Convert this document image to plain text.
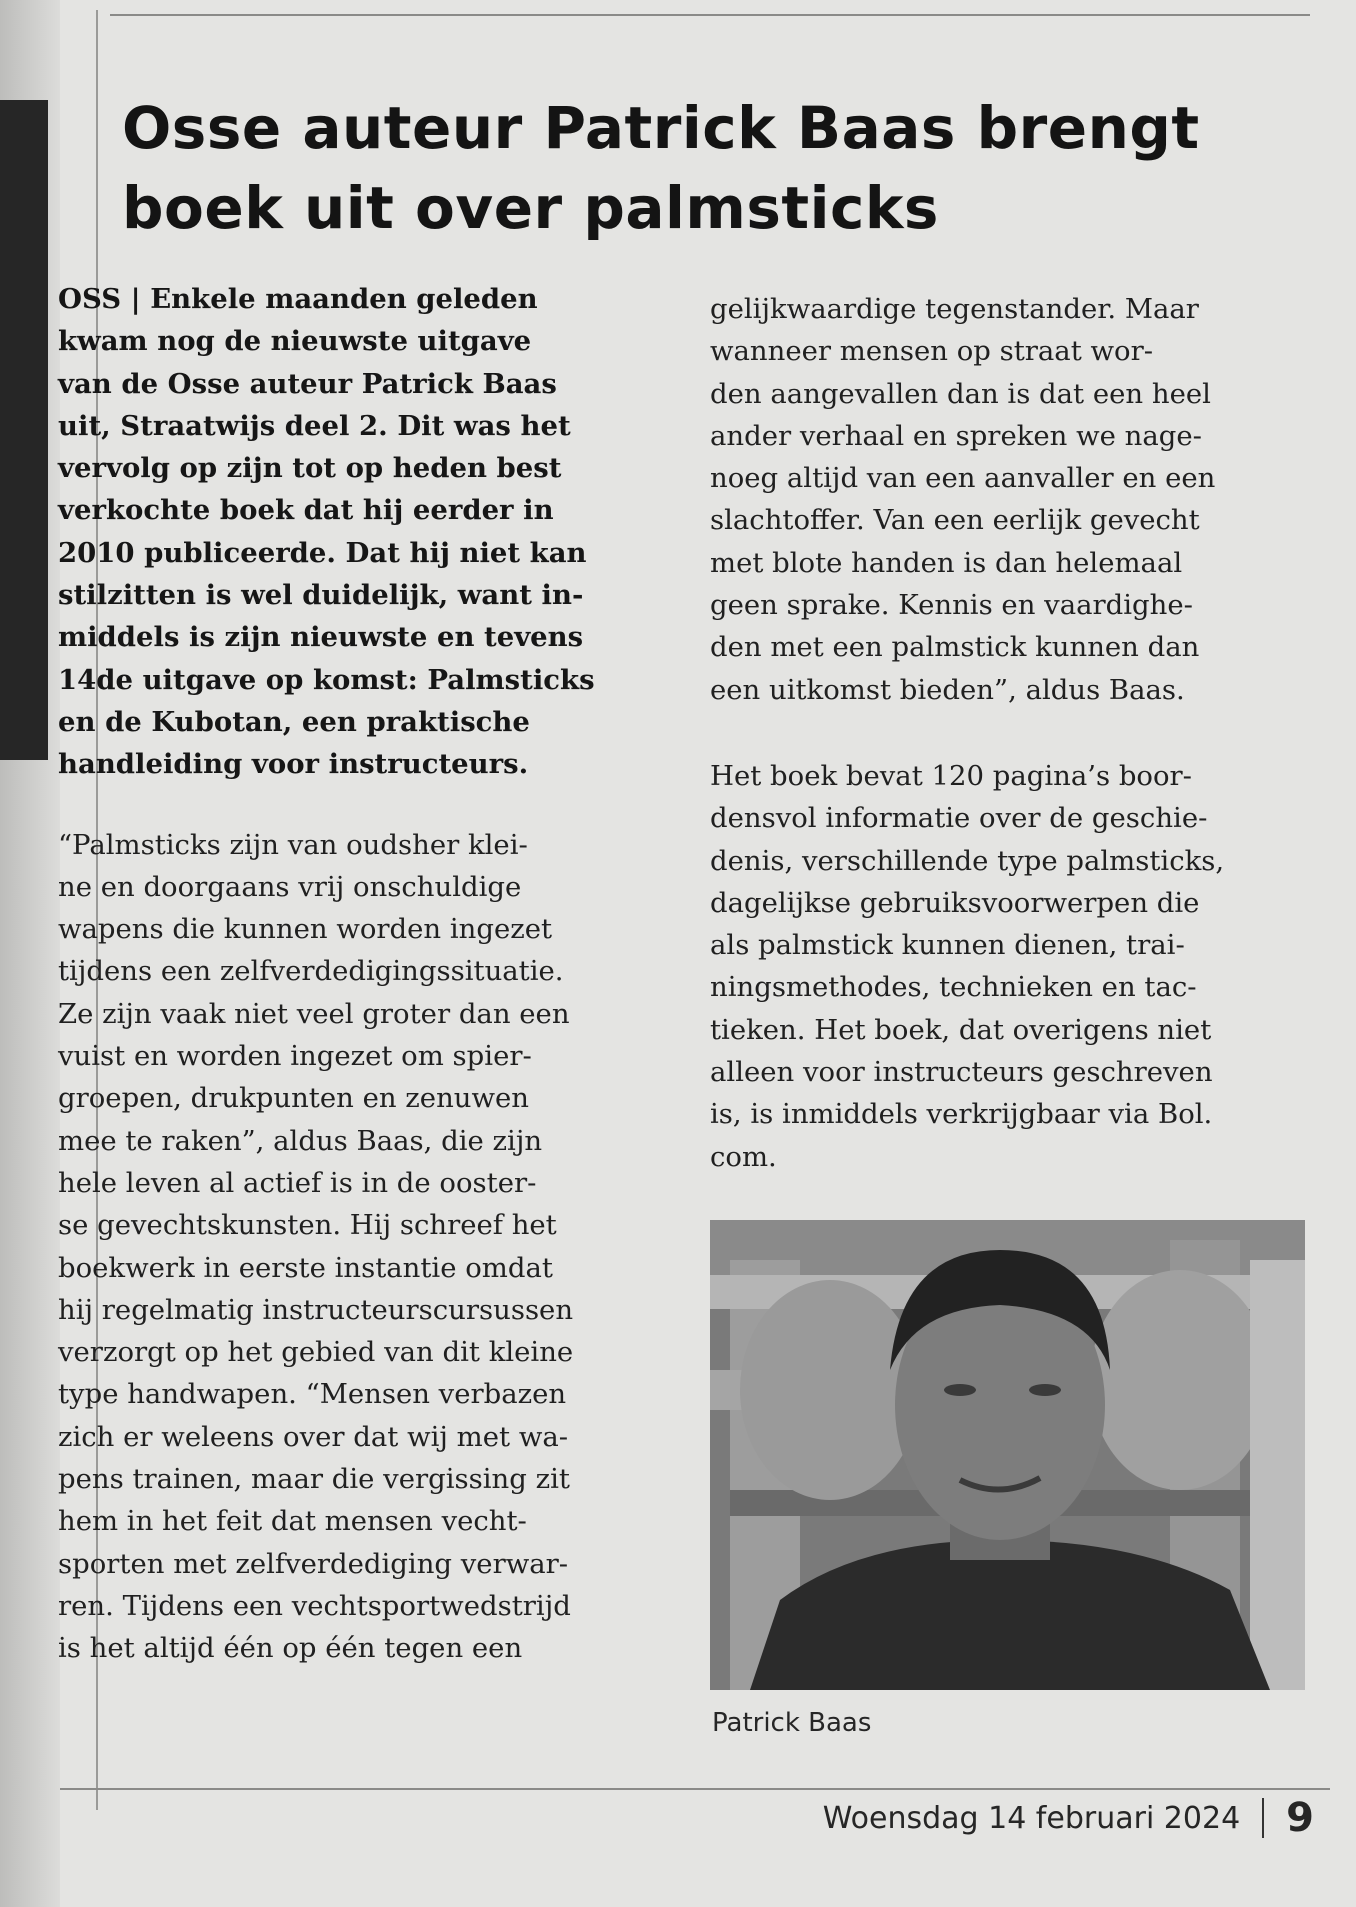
Osse auteur Patrick Baas brengt
boek uit over palmsticks

OSS | Enkele maanden geleden
kwam nog de nieuwste uitgave
van de Osse auteur Patrick Baas
uit, Straatwijs deel 2. Dit was het
vervolg op zijn tot op heden best
verkochte boek dat hij eerder in
2010 publiceerde. Dat hij niet kan
stilzitten is wel duidelijk, want in-
middels is zijn nieuwste en tevens
14de uitgave op komst: Palmsticks
en de Kubotan, een praktische
handleiding voor instructeurs.

“Palmsticks zijn van oudsher klei-
ne en doorgaans vrij onschuldige
wapens die kunnen worden ingezet
tijdens een zelfverdedigingssituatie.
Ze zijn vaak niet veel groter dan een
vuist en worden ingezet om spier-
groepen, drukpunten en zenuwen
mee te raken”, aldus Baas, die zijn
hele leven al actief is in de ooster-
se gevechtskunsten. Hij schreef het
boekwerk in eerste instantie omdat
hij regelmatig instructeurscursussen
verzorgt op het gebied van dit kleine
type handwapen. “Mensen verbazen
zich er weleens over dat wij met wa-
pens trainen, maar die vergissing zit
hem in het feit dat mensen vecht-
sporten met zelfverdediging verwar-
ren. Tijdens een vechtsportwedstrijd
is het altijd één op één tegen een

gelijkwaardige tegenstander. Maar
wanneer mensen op straat wor-
den aangevallen dan is dat een heel
ander verhaal en spreken we nage-
noeg altijd van een aanvaller en een
slachtoffer. Van een eerlijk gevecht
met blote handen is dan helemaal
geen sprake. Kennis en vaardighe-
den met een palmstick kunnen dan
een uitkomst bieden”, aldus Baas.

Het boek bevat 120 pagina’s boor-
densvol informatie over de geschie-
denis, verschillende type palmsticks,
dagelijkse gebruiksvoorwerpen die
als palmstick kunnen dienen, trai-
ningsmethodes, technieken en tac-
tieken. Het boek, dat overigens niet
alleen voor instructeurs geschreven
is, is inmiddels verkrijgbaar via Bol.
com.

Patrick Baas

Woensdag 14 februari 2024 9
